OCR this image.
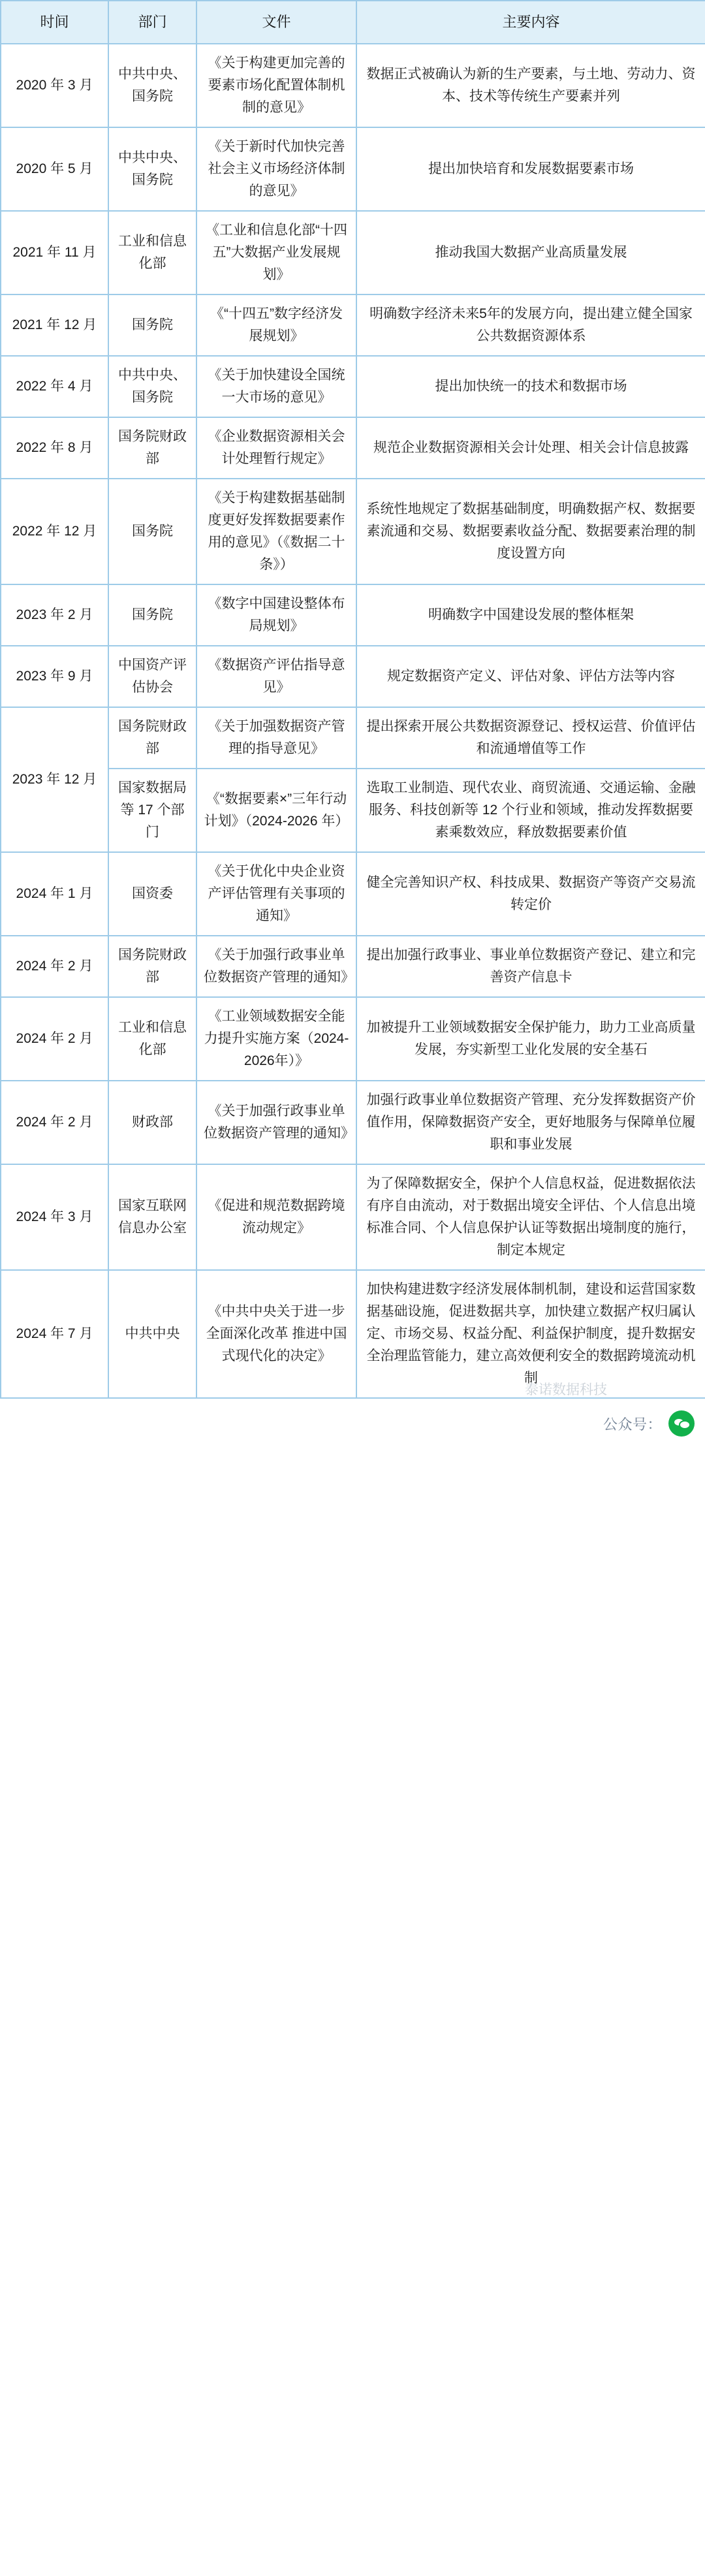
时间	部门	文件	主要内容
2020 年 3 月	中共中央、国务院	《关于构建更加完善的要素市场化配置体制机制的意见》	数据正式被确认为新的生产要素，与土地、劳动力、资本、技术等传统生产要素并列
2020 年 5 月	中共中央、国务院	《关于新时代加快完善社会主义市场经济体制的意见》	提出加快培育和发展数据要素市场
2021 年 11 月	工业和信息化部	《工业和信息化部“十四五”大数据产业发展规划》	推动我国大数据产业高质量发展
2021 年 12 月	国务院	《“十四五”数字经济发展规划》	明确数字经济未来5年的发展方向，提出建立健全国家公共数据资源体系
2022 年 4 月	中共中央、国务院	《关于加快建设全国统一大市场的意见》	提出加快统一的技术和数据市场
2022 年 8 月	国务院财政部	《企业数据资源相关会计处理暂行规定》	规范企业数据资源相关会计处理、相关会计信息披露
2022 年 12 月	国务院	《关于构建数据基础制度更好发挥数据要素作用的意见》（《数据二十条》）	系统性地规定了数据基础制度，明确数据产权、数据要素流通和交易、数据要素收益分配、数据要素治理的制度设置方向
2023 年 2 月	国务院	《数字中国建设整体布局规划》	明确数字中国建设发展的整体框架
2023 年 9 月	中国资产评估协会	《数据资产评估指导意见》	规定数据资产定义、评估对象、评估方法等内容
2023 年 12 月	国务院财政部	《关于加强数据资产管理的指导意见》	提出探索开展公共数据资源登记、授权运营、价值评估和流通增值等工作
	国家数据局等 17 个部门	《“数据要素×”三年行动计划》（2024-2026 年）	选取工业制造、现代农业、商贸流通、交通运输、金融服务、科技创新等 12 个行业和领域，推动发挥数据要素乘数效应，释放数据要素价值
2024 年 1 月	国资委	《关于优化中央企业资产评估管理有关事项的通知》	健全完善知识产权、科技成果、数据资产等资产交易流转定价
2024 年 2 月	国务院财政部	《关于加强行政事业单位数据资产管理的通知》	提出加强行政事业、事业单位数据资产登记、建立和完善资产信息卡
2024 年 2 月	工业和信息化部	《工业领域数据安全能力提升实施方案（2024-2026年）》	加被提升工业领域数据安全保护能力，助力工业高质量发展，夯实新型工业化发展的安全基石
2024 年 2 月	财政部	《关于加强行政事业单位数据资产管理的通知》	加强行政事业单位数据资产管理、充分发挥数据资产价值作用，保障数据资产安全，更好地服务与保障单位履职和事业发展
2024 年 3 月	国家互联网信息办公室	《促进和规范数据跨境流动规定》	为了保障数据安全，保护个人信息权益，促进数据依法有序自由流动，对于数据出境安全评估、个人信息出境标准合同、个人信息保护认证等数据出境制度的施行，制定本规定
2024 年 7 月	中共中央	《中共中央关于进一步全面深化改革 推进中国式现代化的决定》	加快构建进数字经济发展体制机制，建设和运营国家数据基础设施，促进数据共享，加快建立数据产权归属认定、市场交易、权益分配、利益保护制度，提升数据安全治理监管能力，建立高效便利安全的数据跨境流动机制
泰诺数据科技
公众号：
